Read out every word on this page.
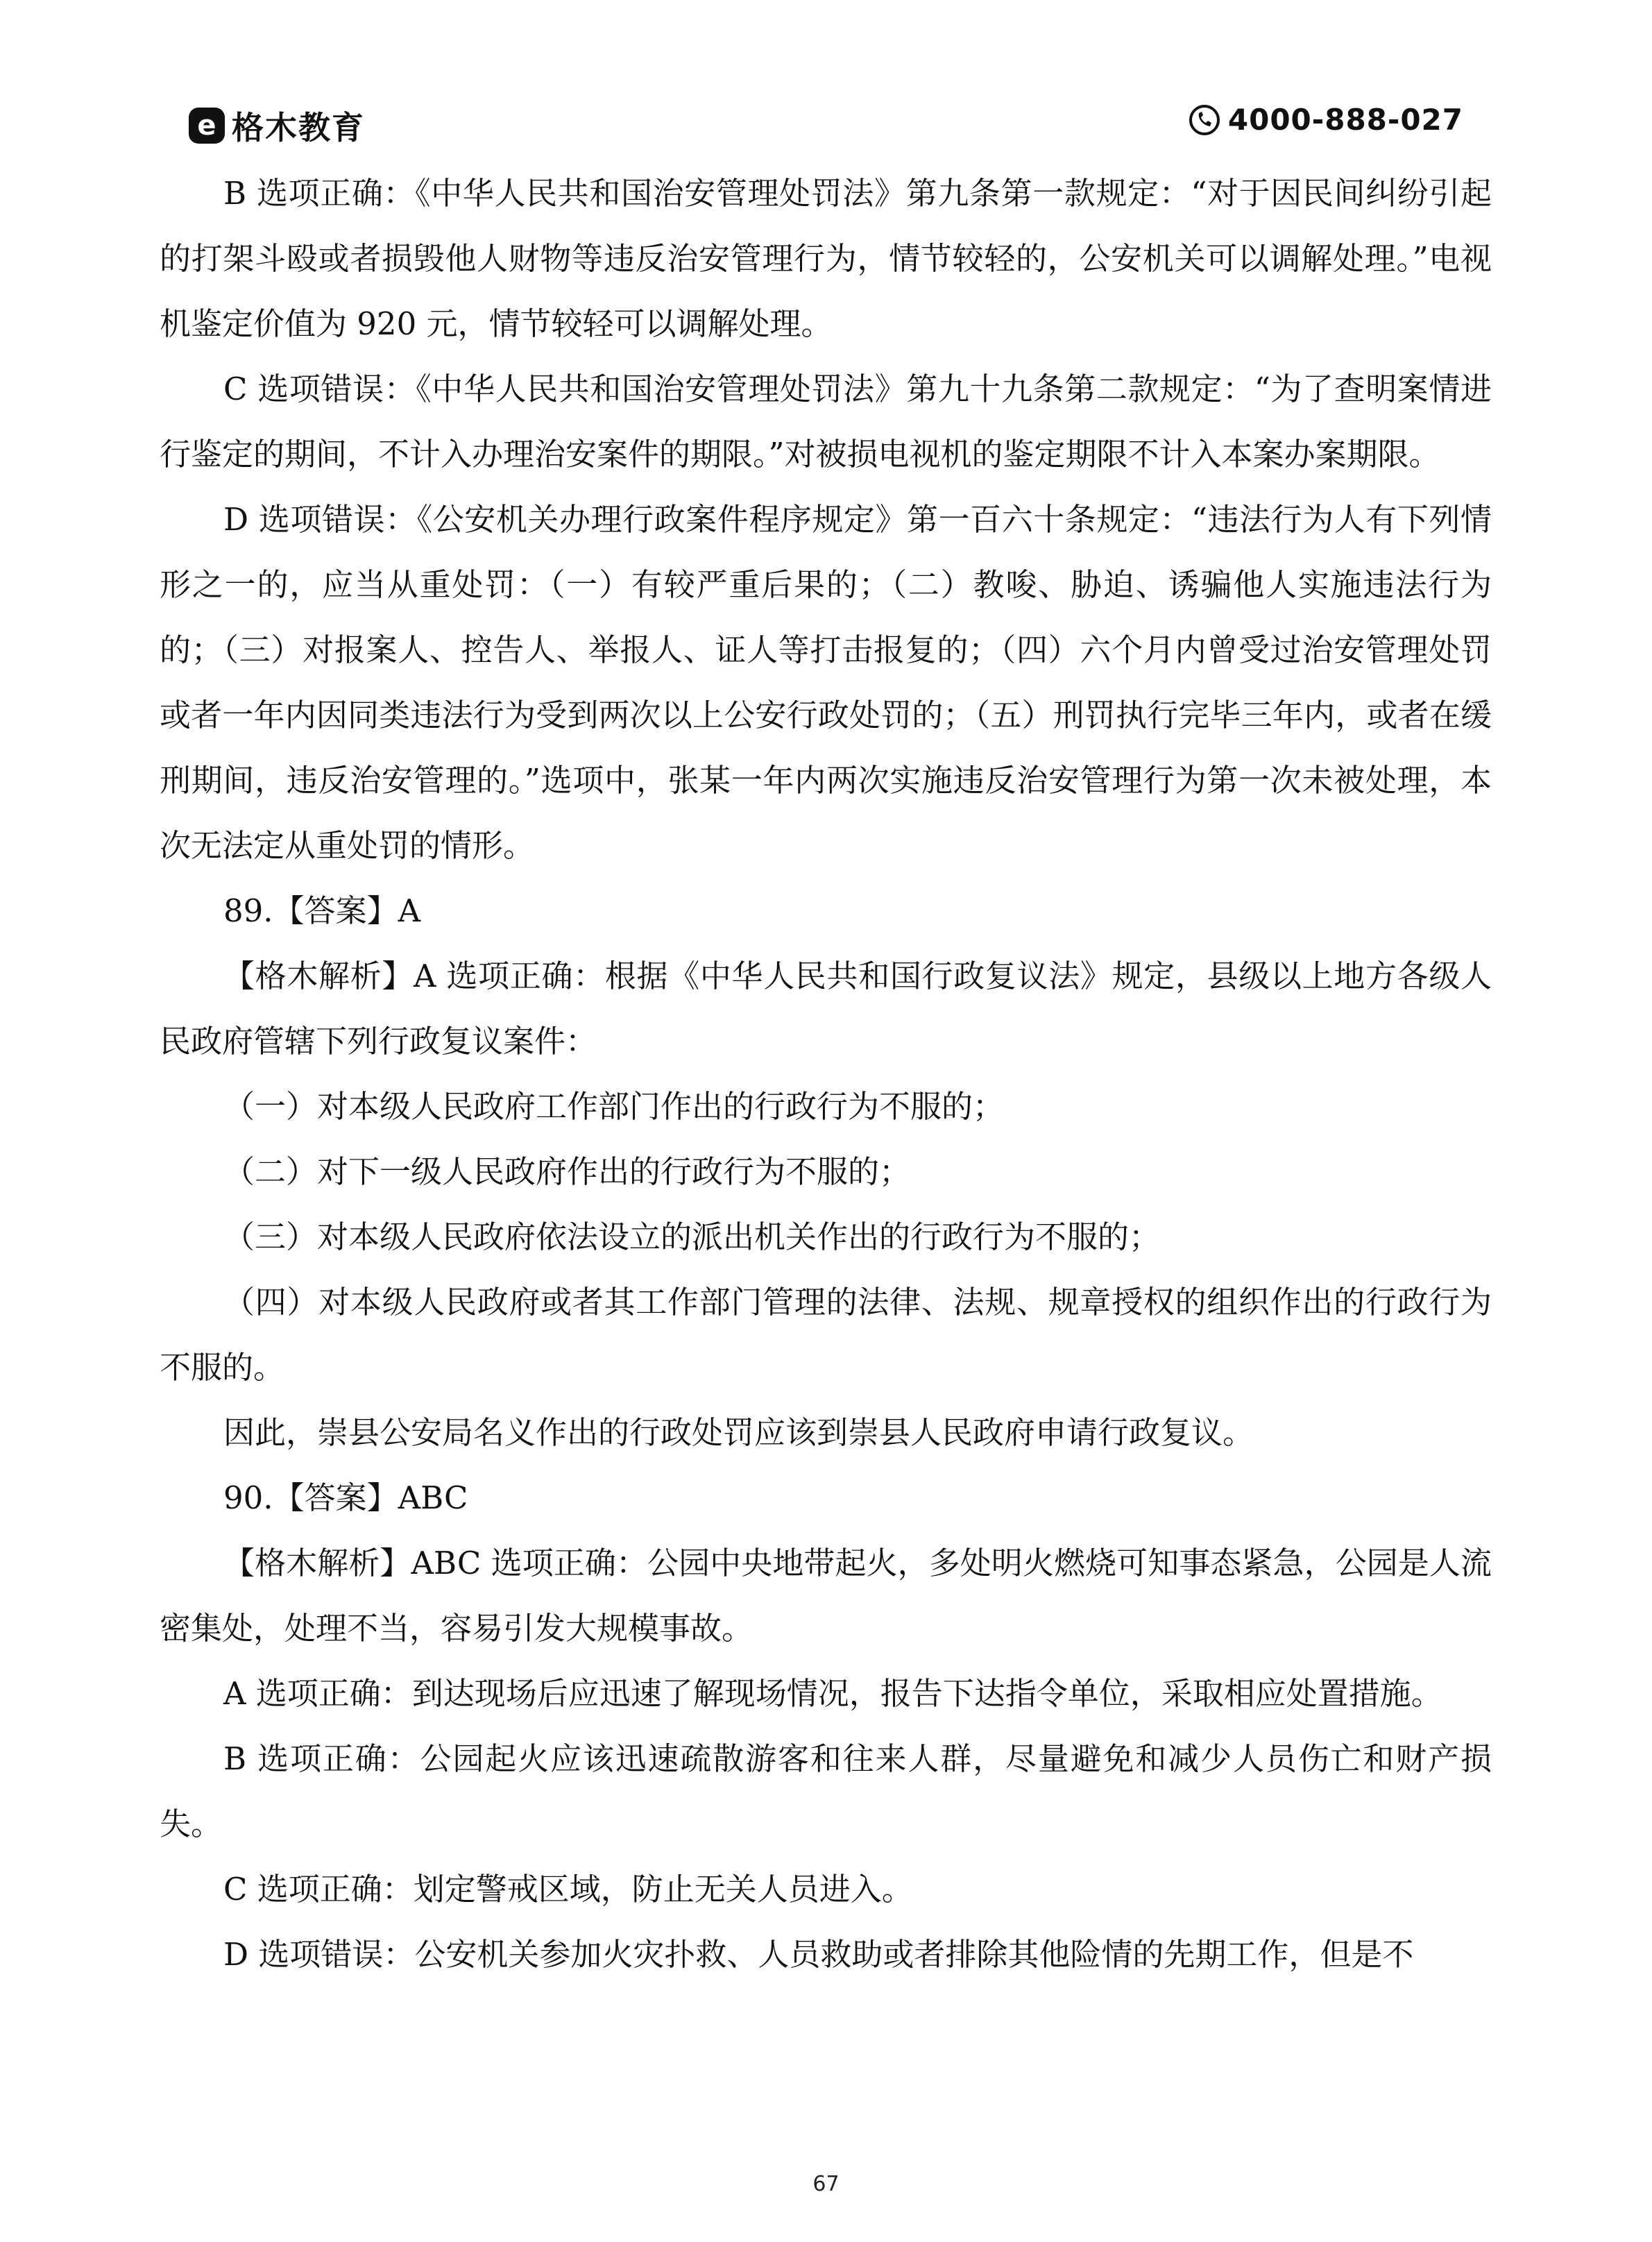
e 格木教育	4000-888-027

B 选项正确：《中华人民共和国治安管理处罚法》第九条第一款规定：“对于因民间纠纷引起的打架斗殴或者损毁他人财物等违反治安管理行为，情节较轻的，公安机关可以调解处理。”电视机鉴定价值为 920 元，情节较轻可以调解处理。

C 选项错误：《中华人民共和国治安管理处罚法》第九十九条第二款规定：“为了查明案情进行鉴定的期间，不计入办理治安案件的期限。”对被损电视机的鉴定期限不计入本案办案期限。

D 选项错误：《公安机关办理行政案件程序规定》第一百六十条规定：“违法行为人有下列情形之一的，应当从重处罚：（一）有较严重后果的；（二）教唆、胁迫、诱骗他人实施违法行为的；（三）对报案人、控告人、举报人、证人等打击报复的；（四）六个月内曾受过治安管理处罚或者一年内因同类违法行为受到两次以上公安行政处罚的；（五）刑罚执行完毕三年内，或者在缓刑期间，违反治安管理的。”选项中，张某一年内两次实施违反治安管理行为第一次未被处理，本次无法定从重处罚的情形。

89.【答案】A

【格木解析】A 选项正确：根据《中华人民共和国行政复议法》规定，县级以上地方各级人民政府管辖下列行政复议案件：

（一）对本级人民政府工作部门作出的行政行为不服的；

（二）对下一级人民政府作出的行政行为不服的；

（三）对本级人民政府依法设立的派出机关作出的行政行为不服的；

（四）对本级人民政府或者其工作部门管理的法律、法规、规章授权的组织作出的行政行为不服的。

因此，崇县公安局名义作出的行政处罚应该到崇县人民政府申请行政复议。

90.【答案】ABC

【格木解析】ABC 选项正确：公园中央地带起火，多处明火燃烧可知事态紧急，公园是人流密集处，处理不当，容易引发大规模事故。

A 选项正确：到达现场后应迅速了解现场情况，报告下达指令单位，采取相应处置措施。

B 选项正确：公园起火应该迅速疏散游客和往来人群，尽量避免和减少人员伤亡和财产损失。

C 选项正确：划定警戒区域，防止无关人员进入。

D 选项错误：公安机关参加火灾扑救、人员救助或者排除其他险情的先期工作，但是不

67
